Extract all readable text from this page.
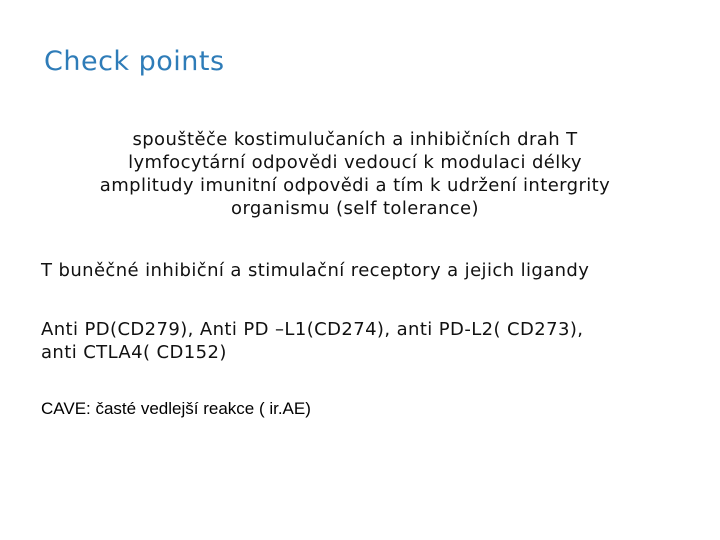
Check points
spouštěče kostimulučaních a inhibičních drah T
lymfocytární odpovědi vedoucí k modulaci délky
amplitudy imunitní odpovědi a tím k udržení intergrity
organismu (self tolerance)
T buněčné inhibiční a stimulační receptory a jejich ligandy
Anti PD(CD279), Anti PD –L1(CD274), anti PD-L2( CD273),
anti CTLA4( CD152)
CAVE: časté vedlejší reakce ( ir.AE)
